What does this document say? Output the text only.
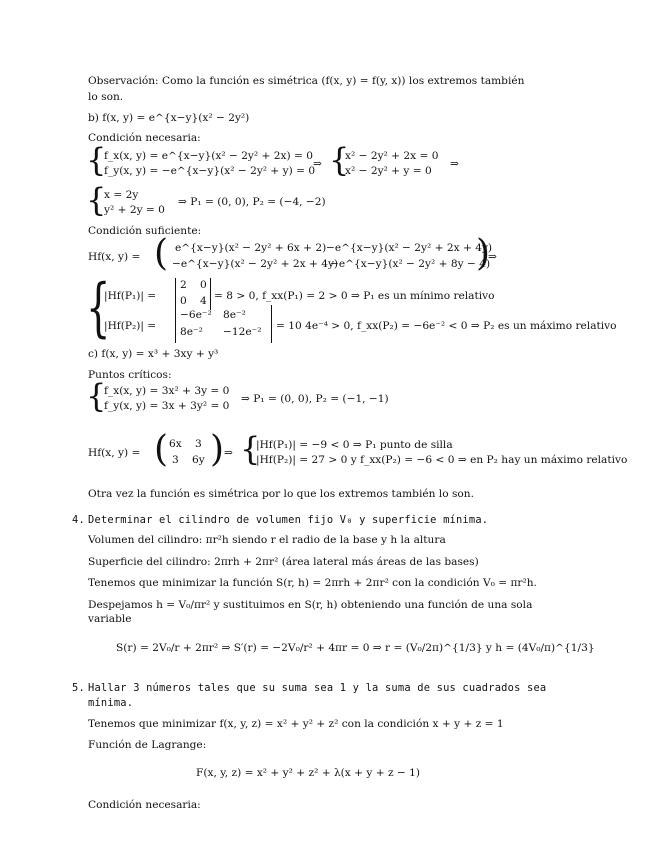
Observación: Como la función es simétrica (f(x, y) = f(y, x)) los extremos también
lo son.
b) f(x, y) = e^{x−y}(x² − 2y²)
Condición necesaria:
{
f_x(x, y) = e^{x−y}(x² − 2y² + 2x) = 0
f_y(x, y) = −e^{x−y}(x² − 2y² + y) = 0
⇒ {
x² − 2y² + 2x = 0
x² − 2y² + y = 0
⇒
{
x = 2y
y² + 2y = 0
⇒ P₁ = (0, 0), P₂ = (−4, −2)
Condición suficiente:
Hf(x, y) = ( e^{x−y}(x² − 2y² + 6x + 2) −e^{x−y}(x² − 2y² + 2x + 4y)
−e^{x−y}(x² − 2y² + 2x + 4y)
−e^{x−y}(x² − 2y² + 8y − 4)
)
⇒
{
|Hf(P₁)| =
2 0
0 4 = 8 > 0, f_xx(P₁) = 2 > 0 ⇒ P₁ es un mínimo relativo
|Hf(P₂)| =
−6e⁻² 8e⁻²
8e⁻² −12e⁻² = 10 4e⁻⁴ > 0, f_xx(P₂) = −6e⁻² < 0 ⇒ P₂ es un máximo relativo
c) f(x, y) = x³ + 3xy + y³
Puntos críticos:
{
f_x(x, y) = 3x² + 3y = 0
f_y(x, y) = 3x + 3y² = 0
⇒ P₁ = (0, 0), P₂ = (−1, −1)
Hf(x, y) = ( 6x 3
3 6y ) ⇒ {
|Hf(P₁)| = −9 < 0 ⇒ P₁ punto de silla
|Hf(P₂)| = 27 > 0 y f_xx(P₂) = −6 < 0 ⇒ en P₂ hay un máximo relativo
Otra vez la función es simétrica por lo que los extremos también lo son.
4. Determinar el cilindro de volumen fijo V₀ y superficie mínima.
Volumen del cilindro: πr²h siendo r el radio de la base y h la altura
Superficie del cilindro: 2πrh + 2πr² (área lateral más áreas de las bases)
Tenemos que minimizar la función S(r, h) = 2πrh + 2πr² con la condición V₀ = πr²h.
Despejamos h = V₀/πr² y sustituimos en S(r, h) obteniendo una función de una sola
variable
S(r) = 2V₀/r + 2πr² ⇒ S′(r) = −2V₀/r² + 4πr = 0 ⇒ r = (V₀/2π)^{1/3} y h = (4V₀/π)^{1/3}
5. Hallar 3 números tales que su suma sea 1 y la suma de sus cuadrados sea
mínima.
Tenemos que minimizar f(x, y, z) = x² + y² + z² con la condición x + y + z = 1
Función de Lagrange:
F(x, y, z) = x² + y² + z² + λ(x + y + z − 1)
Condición necesaria:
